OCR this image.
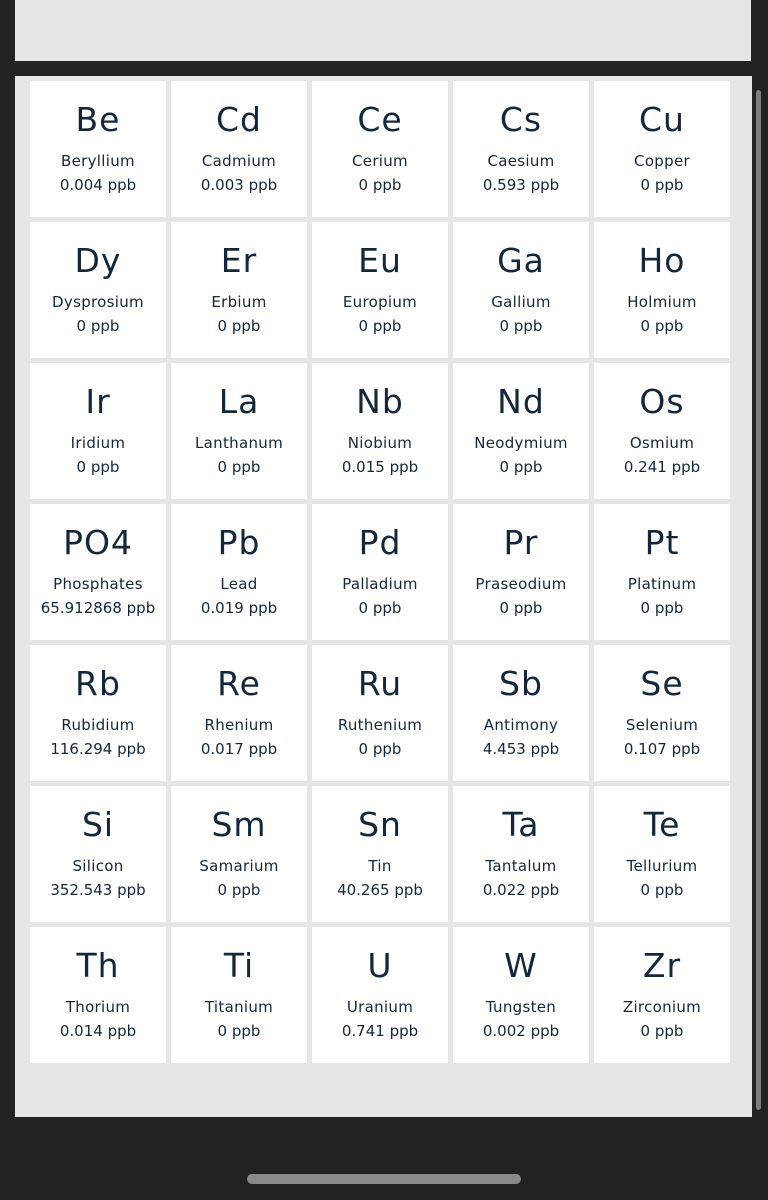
Be
Beryllium
0.004 ppb
Cd
Cadmium
0.003 ppb
Ce
Cerium
0 ppb
Cs
Caesium
0.593 ppb
Cu
Copper
0 ppb
Dy
Dysprosium
0 ppb
Er
Erbium
0 ppb
Eu
Europium
0 ppb
Ga
Gallium
0 ppb
Ho
Holmium
0 ppb
Ir
Iridium
0 ppb
La
Lanthanum
0 ppb
Nb
Niobium
0.015 ppb
Nd
Neodymium
0 ppb
Os
Osmium
0.241 ppb
PO4
Phosphates
65.912868 ppb
Pb
Lead
0.019 ppb
Pd
Palladium
0 ppb
Pr
Praseodium
0 ppb
Pt
Platinum
0 ppb
Rb
Rubidium
116.294 ppb
Re
Rhenium
0.017 ppb
Ru
Ruthenium
0 ppb
Sb
Antimony
4.453 ppb
Se
Selenium
0.107 ppb
Si
Silicon
352.543 ppb
Sm
Samarium
0 ppb
Sn
Tin
40.265 ppb
Ta
Tantalum
0.022 ppb
Te
Tellurium
0 ppb
Th
Thorium
0.014 ppb
Ti
Titanium
0 ppb
U
Uranium
0.741 ppb
W
Tungsten
0.002 ppb
Zr
Zirconium
0 ppb
